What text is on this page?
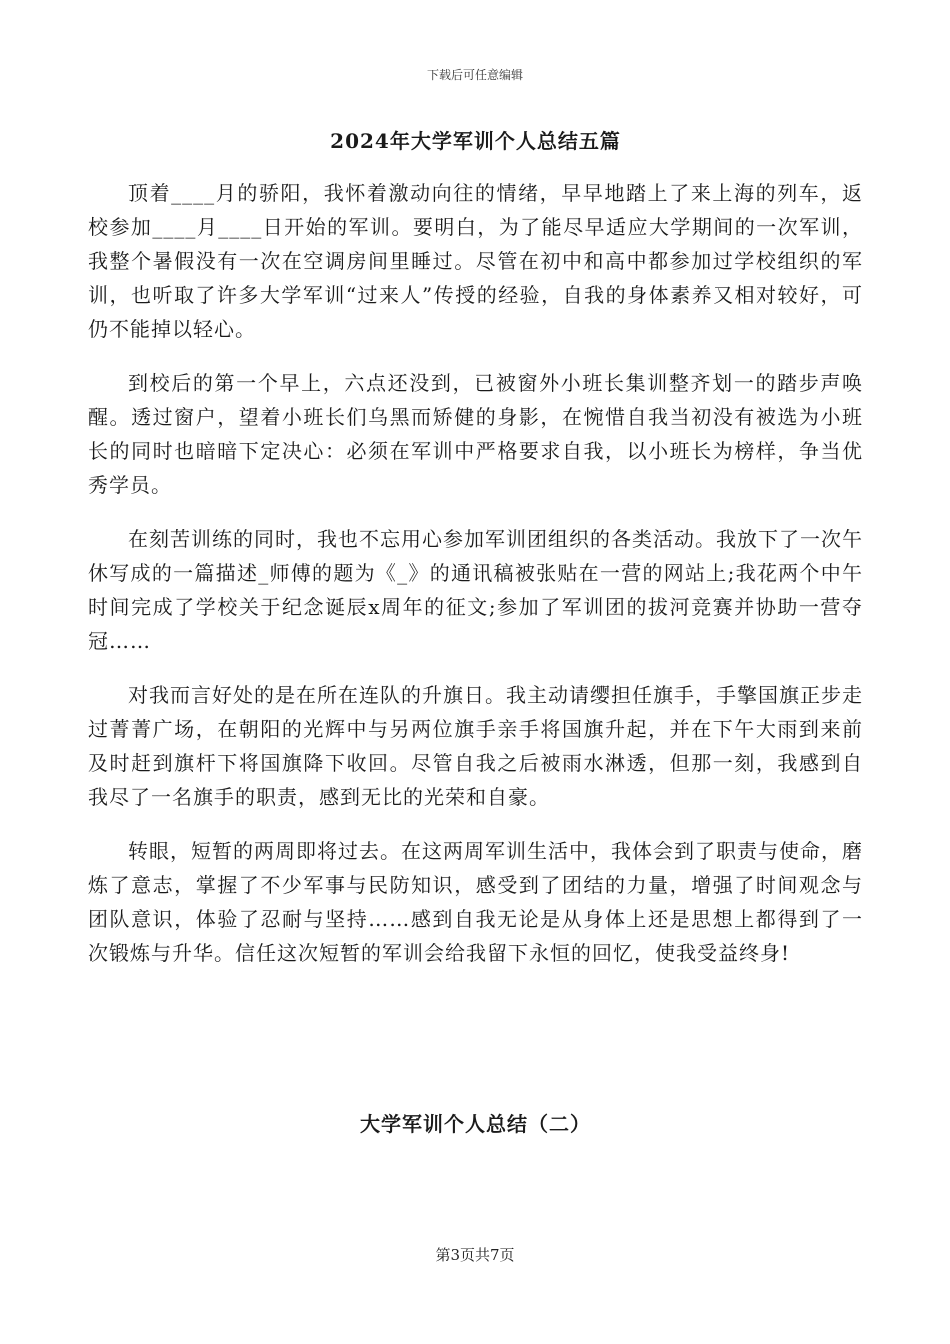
下载后可任意编辑
2024年大学军训个人总结五篇

顶着____月的骄阳，我怀着激动向往的情绪，早早地踏上了来上海的列车，返校参加____月____日开始的军训。要明白，为了能尽早适应大学期间的一次军训，我整个暑假没有一次在空调房间里睡过。尽管在初中和高中都参加过学校组织的军训，也听取了许多大学军训“过来人”传授的经验，自我的身体素养又相对较好，可仍不能掉以轻心。

到校后的第一个早上，六点还没到，已被窗外小班长集训整齐划一的踏步声唤醒。透过窗户，望着小班长们乌黑而矫健的身影，在惋惜自我当初没有被选为小班长的同时也暗暗下定决心：必须在军训中严格要求自我，以小班长为榜样，争当优秀学员。

在刻苦训练的同时，我也不忘用心参加军训团组织的各类活动。我放下了一次午休写成的一篇描述_师傅的题为《_》的通讯稿被张贴在一营的网站上;我花两个中午时间完成了学校关于纪念诞辰x周年的征文;参加了军训团的拔河竞赛并协助一营夺冠……

对我而言好处的是在所在连队的升旗日。我主动请缨担任旗手，手擎国旗正步走过菁菁广场，在朝阳的光辉中与另两位旗手亲手将国旗升起，并在下午大雨到来前及时赶到旗杆下将国旗降下收回。尽管自我之后被雨水淋透，但那一刻，我感到自我尽了一名旗手的职责，感到无比的光荣和自豪。

转眼，短暂的两周即将过去。在这两周军训生活中，我体会到了职责与使命，磨炼了意志，掌握了不少军事与民防知识，感受到了团结的力量，增强了时间观念与团队意识，体验了忍耐与坚持……感到自我无论是从身体上还是思想上都得到了一次锻炼与升华。信任这次短暂的军训会给我留下永恒的回忆，使我受益终身!

大学军训个人总结（二）
第3页共7页
